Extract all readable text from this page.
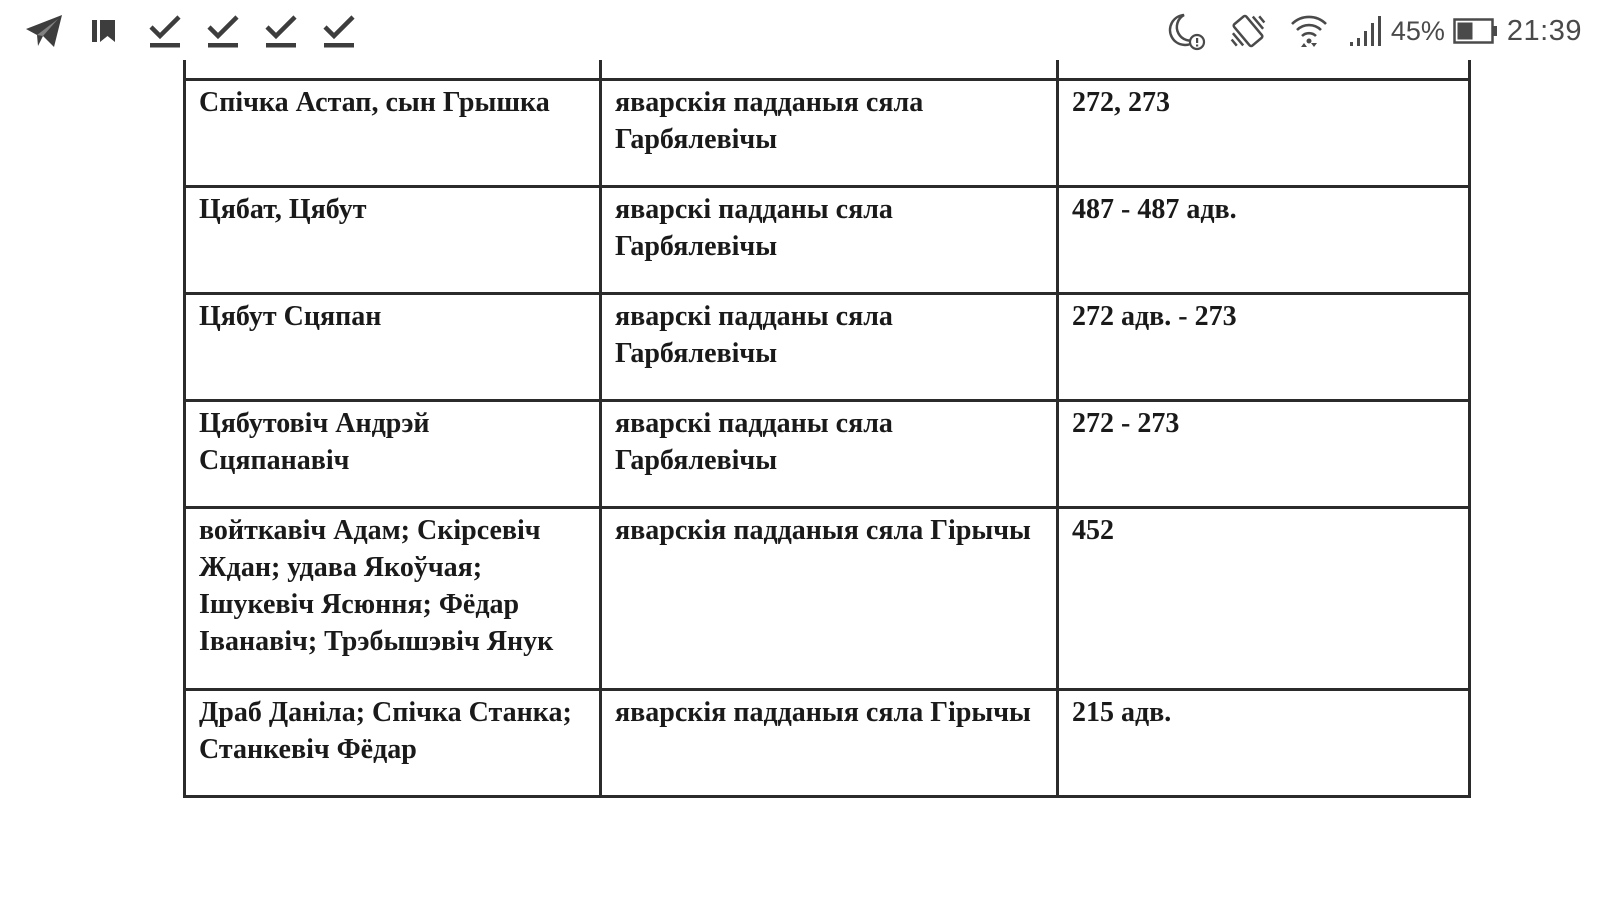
45% 21:39

Спічка Астап, сын Грышка	яварскія падданыя сяла Гарбялевічы	272, 273
Цябат, Цябут	яварскі падданы сяла Гарбялевічы	487 - 487 адв.
Цябут Сцяпан	яварскі падданы сяла Гарбялевічы	272 адв. - 273
Цябутовіч Андрэй Сцяпанавіч	яварскі падданы сяла Гарбялевічы	272 - 273
войткавіч Адам; Скірсевіч Ждан; удава Якоўчая; Ішукевіч Ясюння; Фёдар Іванавіч; Трэбышэвіч Янук	яварскія падданыя сяла Гірычы	452
Драб Даніла; Спічка Станка; Станкевіч Фёдар	яварскія падданыя сяла Гірычы	215 адв.
